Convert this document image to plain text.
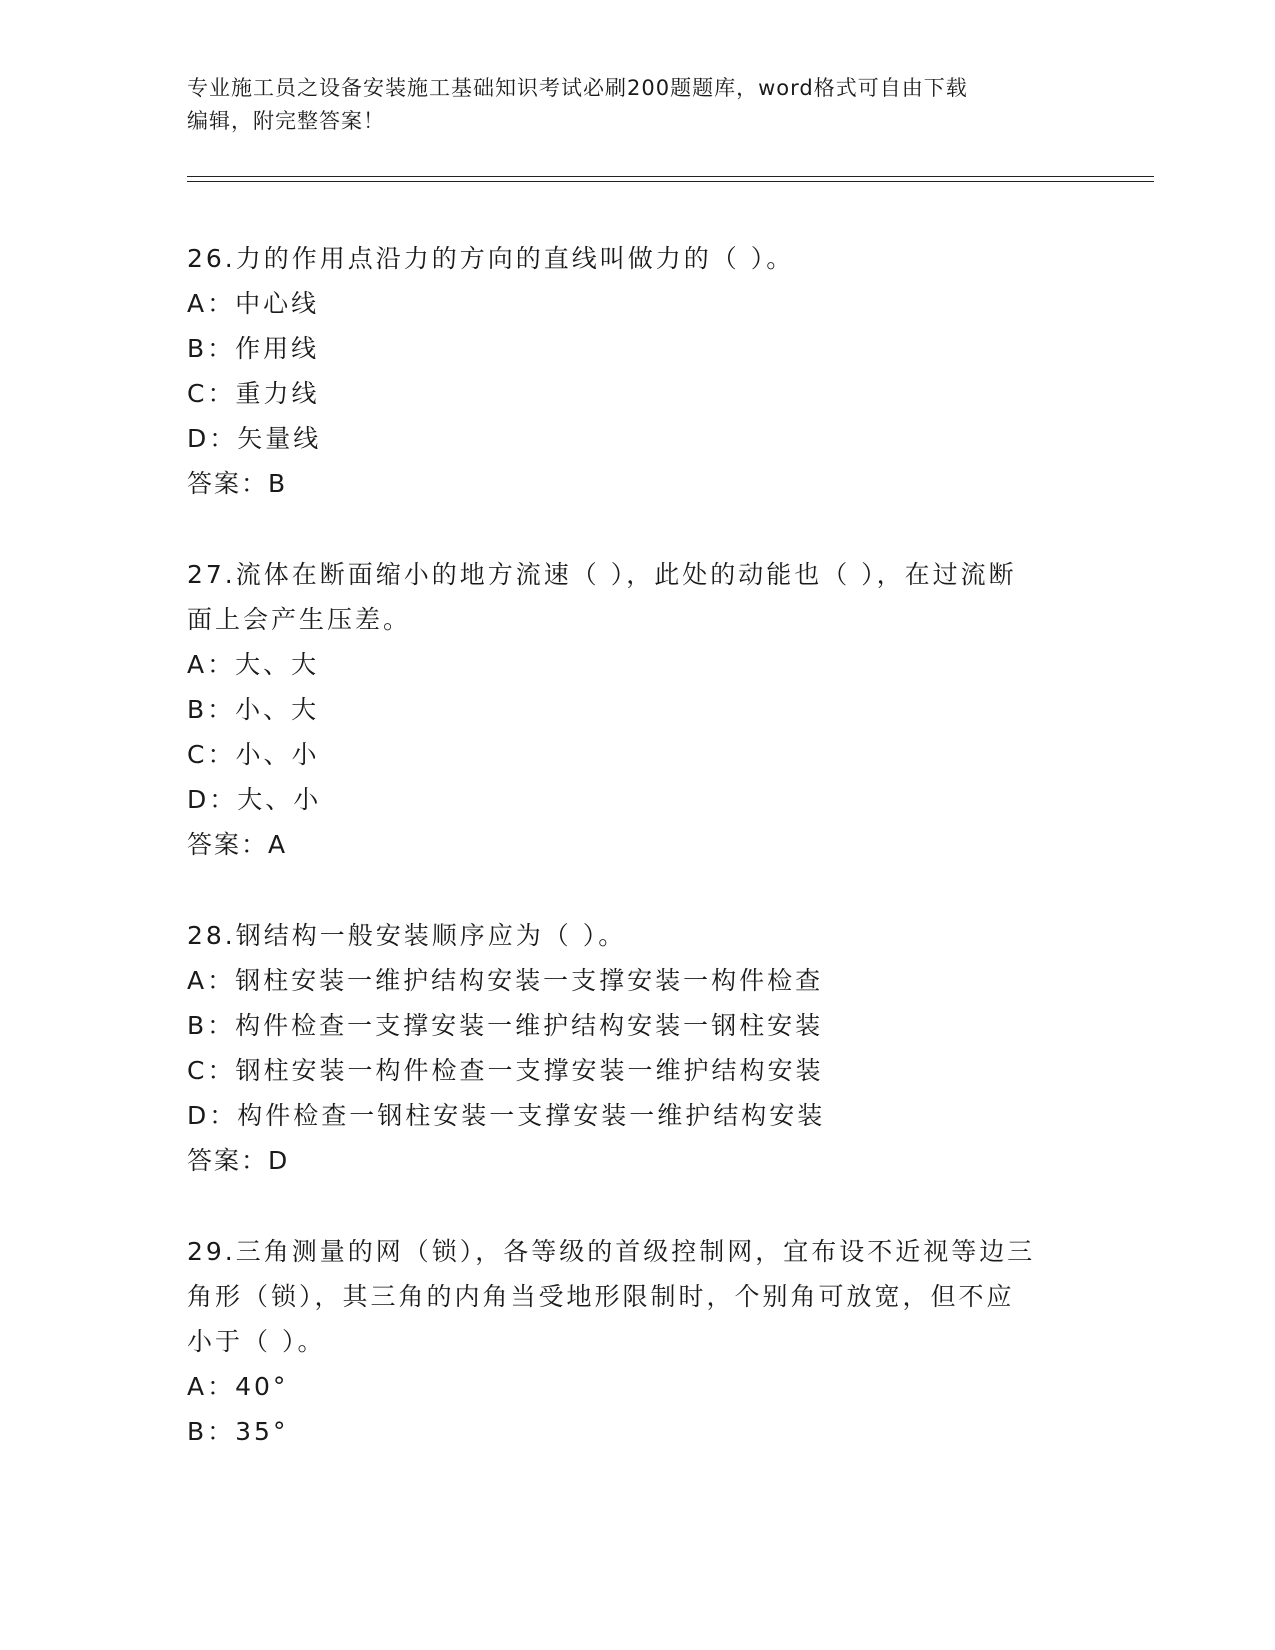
专业施工员之设备安装施工基础知识考试必刷200题题库，word格式可自由下载
编辑，附完整答案！
26.力的作用点沿力的方向的直线叫做力的（ ）。
A：中心线
B：作用线
C：重力线
D：矢量线
答案：B
27.流体在断面缩小的地方流速（ ），此处的动能也（ ），在过流断
面上会产生压差。
A：大、大
B：小、大
C：小、小
D：大、小
答案：A
28.钢结构一般安装顺序应为（ ）。
A：钢柱安装一维护结构安装一支撑安装一构件检查
B：构件检查一支撑安装一维护结构安装一钢柱安装
C：钢柱安装一构件检查一支撑安装一维护结构安装
D：构件检查一钢柱安装一支撑安装一维护结构安装
答案：D
29.三角测量的网（锁），各等级的首级控制网，宜布设不近视等边三
角形（锁），其三角的内角当受地形限制时，个别角可放宽，但不应
小于（ ）。
A：40°
B：35°
